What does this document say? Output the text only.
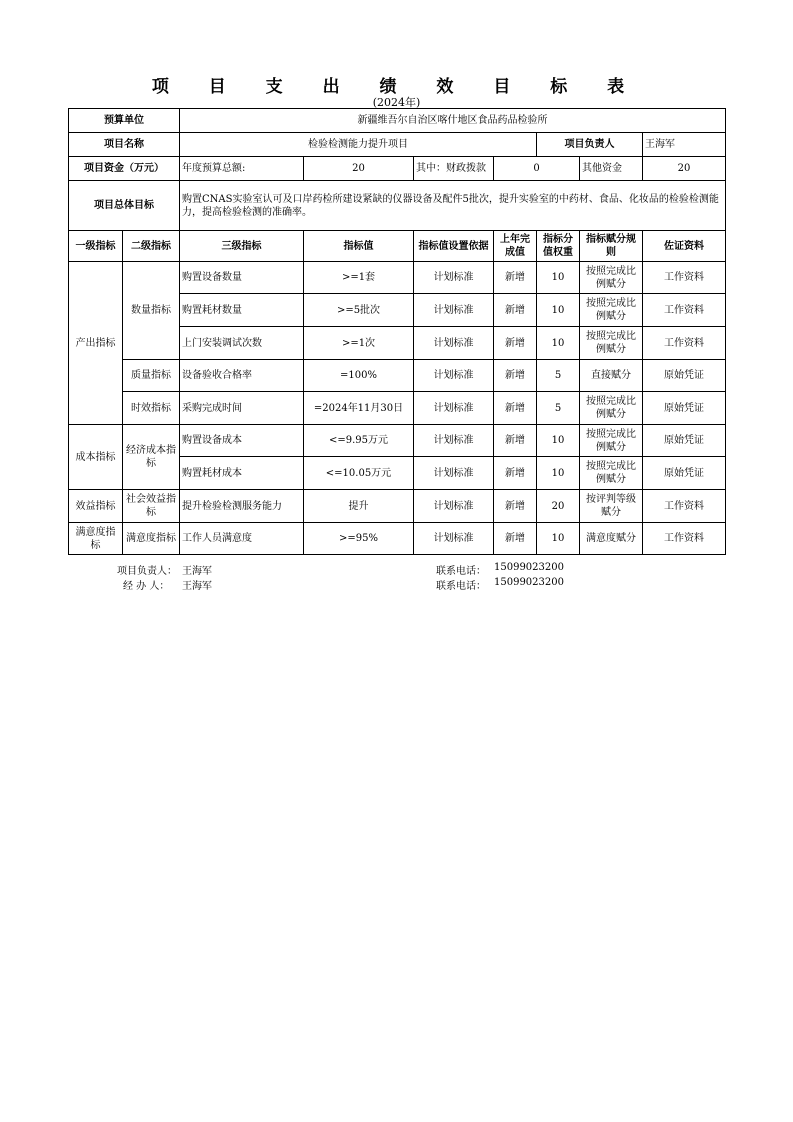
项 目 支 出 绩 效 目 标 表
(2024年)
预算单位		新疆维吾尔自治区喀什地区食品药品检验所						
项目名称		检验检测能力提升项目				项目负责人		王海军
项目资金（万元）		年度预算总额:	20	其中：财政拨款	0		其他资金	20
项目总体目标		购置CNAS实验室认可及口岸药检所建设紧缺的仪器设备及配件5批次，提升实验室的中药材、食品、化妆品的检验检测能力，提高检验检测的准确率。						
一级指标	二级指标	三级指标	指标值	指标值设置依据	上年完成值	指标分值权重	指标赋分规则	佐证资料
产出指标	数量指标	购置设备数量	>=1套	计划标准	新增	10	按照完成比例赋分	工作资料
		购置耗材数量	>=5批次	计划标准	新增	10	按照完成比例赋分	工作资料
		上门安装调试次数	>=1次	计划标准	新增	10	按照完成比例赋分	工作资料
	质量指标	设备验收合格率	=100%	计划标准	新增	5	直接赋分	原始凭证
	时效指标	采购完成时间	=2024年11月30日	计划标准	新增	5	按照完成比例赋分	原始凭证
成本指标	经济成本指标	购置设备成本	<=9.95万元	计划标准	新增	10	按照完成比例赋分	原始凭证
		购置耗材成本	<=10.05万元	计划标准	新增	10	按照完成比例赋分	原始凭证
效益指标	社会效益指标	提升检验检测服务能力	提升	计划标准	新增	20	按评判等级赋分	工作资料
满意度指标	满意度指标	工作人员满意度	>=95%	计划标准	新增	10	满意度赋分	工作资料
项目负责人： 王海军	联系电话： 15099023200
经 办 人： 王海军	联系电话： 15099023200
